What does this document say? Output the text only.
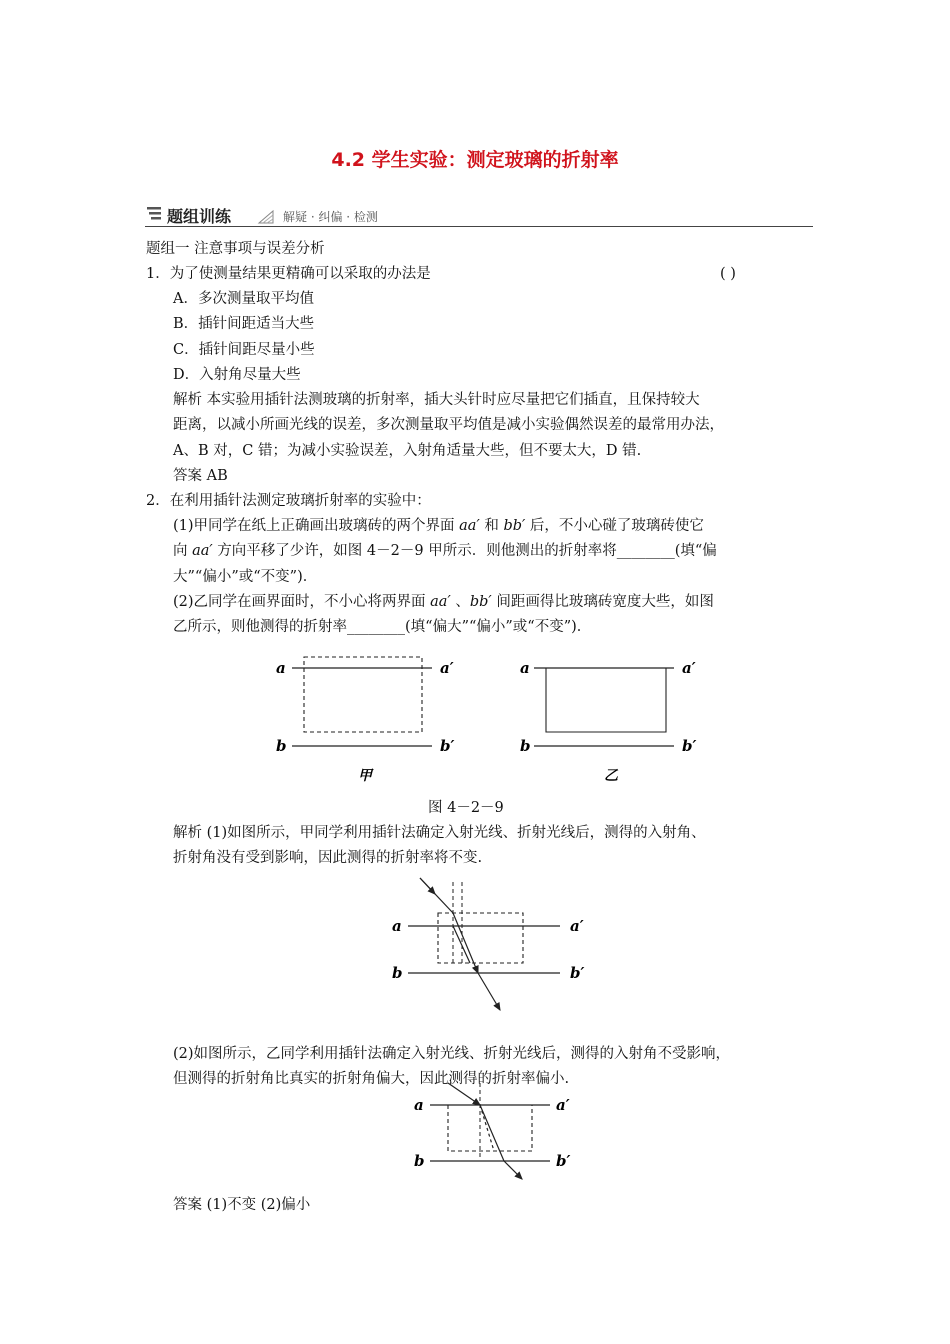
4.2 学生实验：测定玻璃的折射率
题组训练	解疑 · 纠偏 · 检测
题组一 注意事项与误差分析
1．为了使测量结果更精确可以采取的办法是	( )
A．多次测量取平均值
B．插针间距适当大些
C．插针间距尽量小些
D．入射角尽量大些
解析 本实验用插针法测玻璃的折射率，插大头针时应尽量把它们插直，且保持较大
距离，以减小所画光线的误差，多次测量取平均值是减小实验偶然误差的最常用办法，
A、B 对，C 错；为减小实验误差，入射角适量大些，但不要太大，D 错.
答案 AB
2．在利用插针法测定玻璃折射率的实验中：
(1)甲同学在纸上正确画出玻璃砖的两个界面 aa′ 和 bb′ 后，不小心碰了玻璃砖使它
向 aa′ 方向平移了少许，如图 4－2－9 甲所示．则他测出的折射率将________(填“偏
大”“偏小”或“不变”)．
(2)乙同学在画界面时，不小心将两界面 aa′ 、bb′ 间距画得比玻璃砖宽度大些，如图
乙所示，则他测得的折射率________(填“偏大”“偏小”或“不变”)．
a	a′
b	b′
甲
a	a′
b	b′
乙
图 4－2－9
解析 (1)如图所示，甲同学利用插针法确定入射光线、折射光线后，测得的入射角、
折射角没有受到影响，因此测得的折射率将不变.
a	a′
b	b′
(2)如图所示，乙同学利用插针法确定入射光线、折射光线后，测得的入射角不受影响，
但测得的折射角比真实的折射角偏大，因此测得的折射率偏小.
a	a′
b	b′
答案 (1)不变 (2)偏小
